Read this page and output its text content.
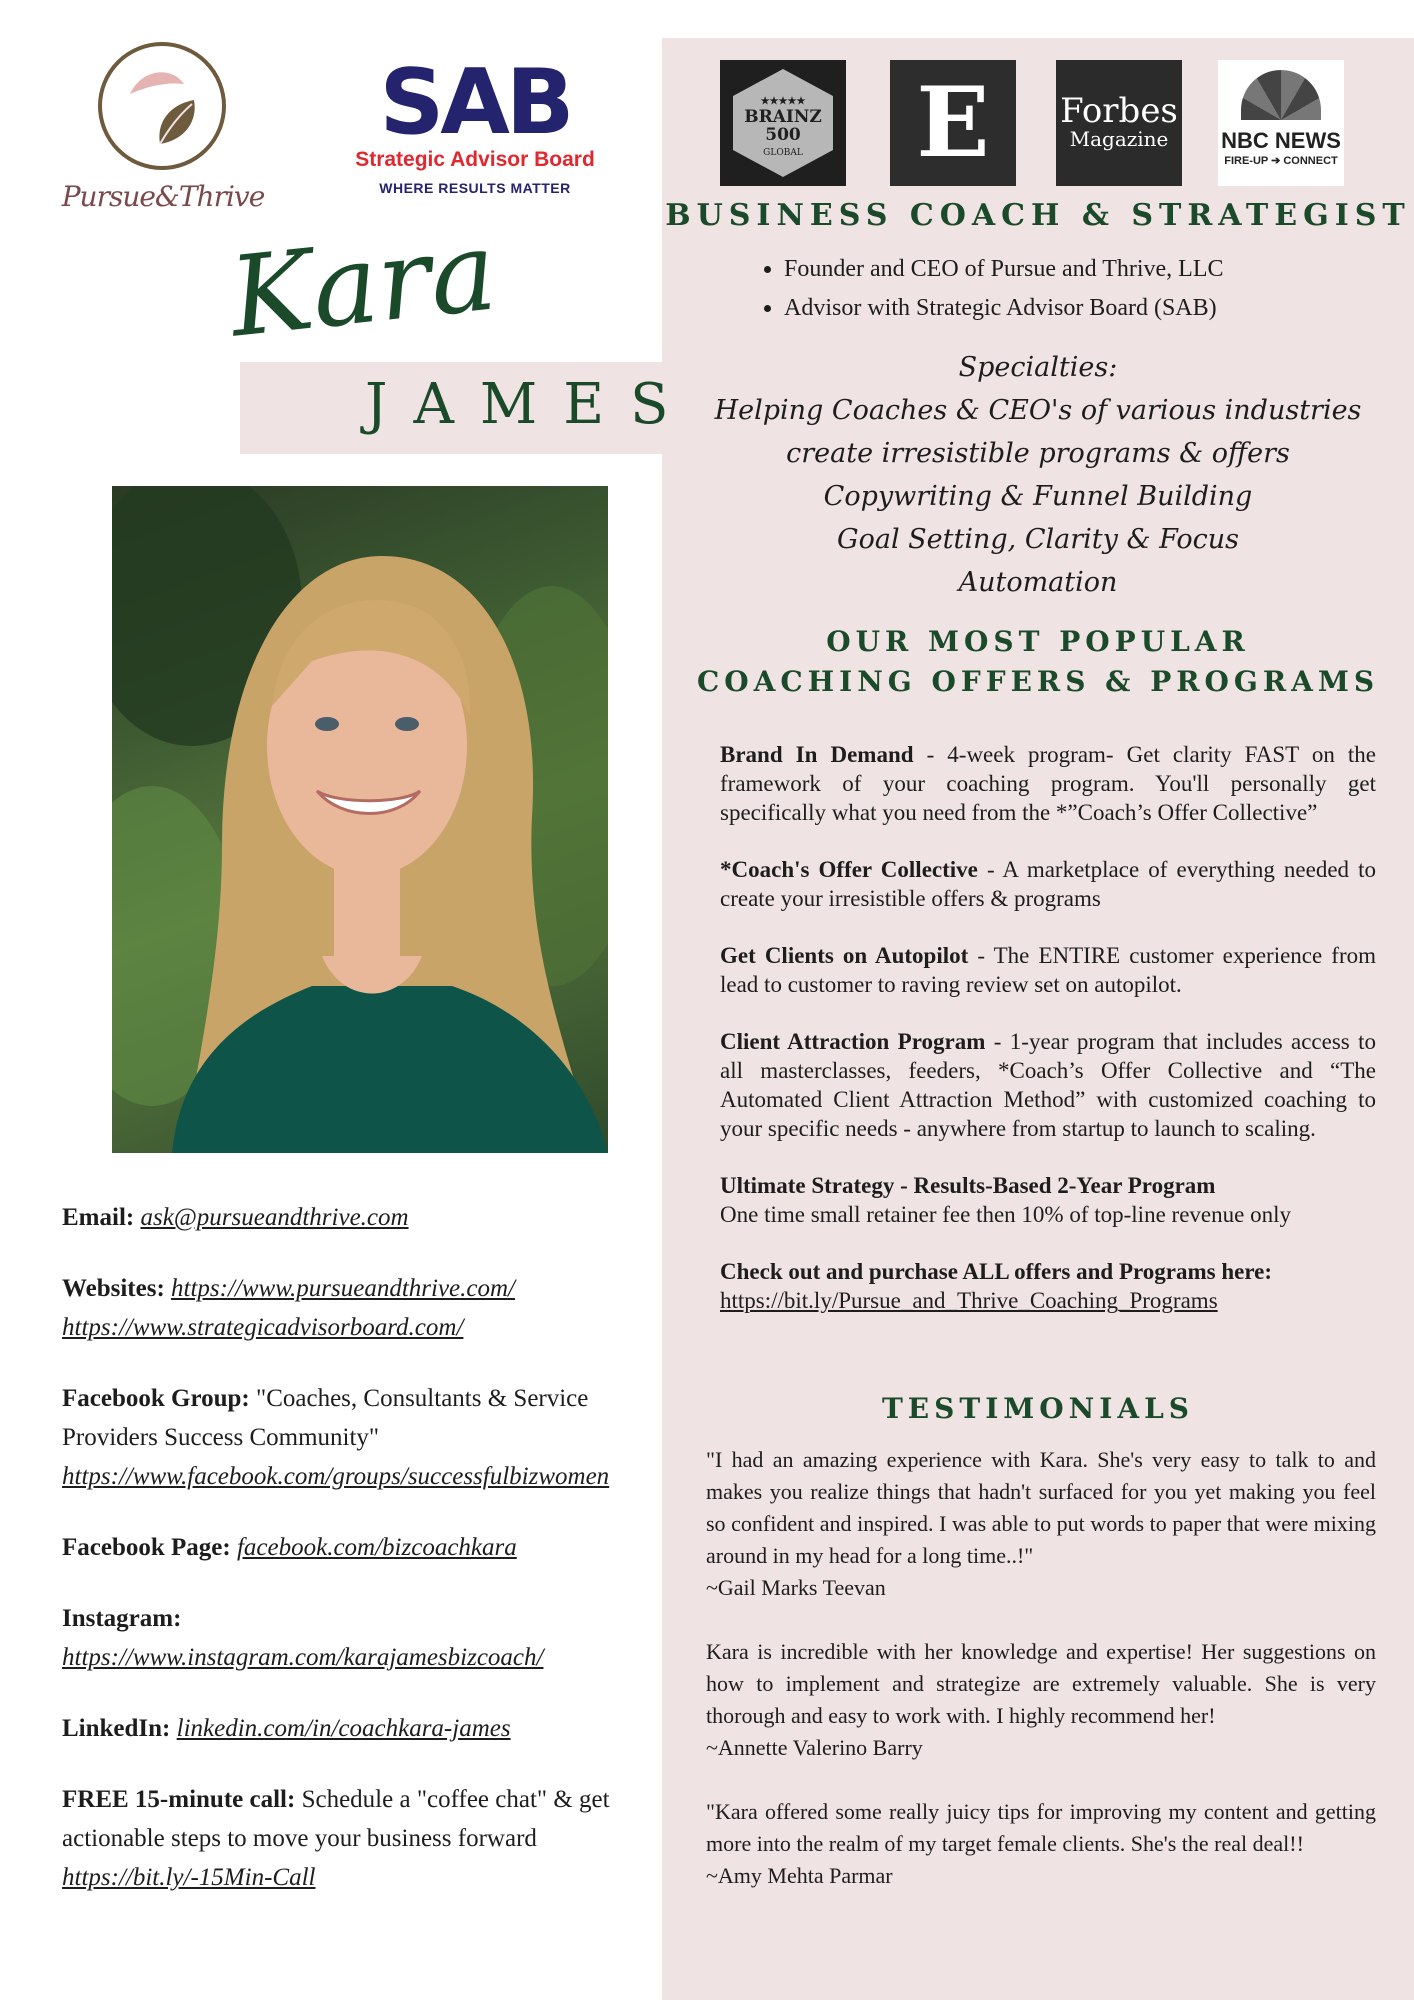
Pursue&Thrive
SAB
Strategic Advisor Board
WHERE RESULTS MATTER
Kara
JAMES

Email: ask@pursueandthrive.com

Websites: https://www.pursueandthrive.com/
https://www.strategicadvisorboard.com/

Facebook Group: "Coaches, Consultants & Service Providers Success Community"
https://www.facebook.com/groups/successfulbizwomen

Facebook Page: facebook.com/bizcoachkara

Instagram:
https://www.instagram.com/karajamesbizcoach/

LinkedIn: linkedin.com/in/coachkara-james

FREE 15-minute call: Schedule a "coffee chat" & get actionable steps to move your business forward https://bit.ly/-15Min-Call

★★★★★
BRAINZ
500
GLOBAL	E	Forbes
Magazine	NBC NEWS
FIRE-UP ➔ CONNECT
BUSINESS COACH & STRATEGIST
• Founder and CEO of Pursue and Thrive, LLC
• Advisor with Strategic Advisor Board (SAB)
Specialties:
Helping Coaches & CEO's of various industries
create irresistible programs & offers
Copywriting & Funnel Building
Goal Setting, Clarity & Focus
Automation
OUR MOST POPULAR
COACHING OFFERS & PROGRAMS

Brand In Demand - 4-week program- Get clarity FAST on the framework of your coaching program. You'll personally get specifically what you need from the *”Coach’s Offer Collective”

*Coach's Offer Collective - A marketplace of everything needed to create your irresistible offers & programs

Get Clients on Autopilot - The ENTIRE customer experience from lead to customer to raving review set on autopilot.

Client Attraction Program - 1-year program that includes access to all masterclasses, feeders, *Coach’s Offer Collective and “The Automated Client Attraction Method” with customized coaching to your specific needs - anywhere from startup to launch to scaling.

Ultimate Strategy - Results-Based 2-Year Program
One time small retainer fee then 10% of top-line revenue only

Check out and purchase ALL offers and Programs here:
https://bit.ly/Pursue_and_Thrive_Coaching_Programs

TESTIMONIALS
"I had an amazing experience with Kara. She's very easy to talk to and makes you realize things that hadn't surfaced for you yet making you feel so confident and inspired. I was able to put words to paper that were mixing around in my head for a long time..!"
~Gail Marks Teevan
Kara is incredible with her knowledge and expertise! Her suggestions on how to implement and strategize are extremely valuable. She is very thorough and easy to work with. I highly recommend her!
~Annette Valerino Barry
"Kara offered some really juicy tips for improving my content and getting more into the realm of my target female clients. She's the real deal!!
~Amy Mehta Parmar
